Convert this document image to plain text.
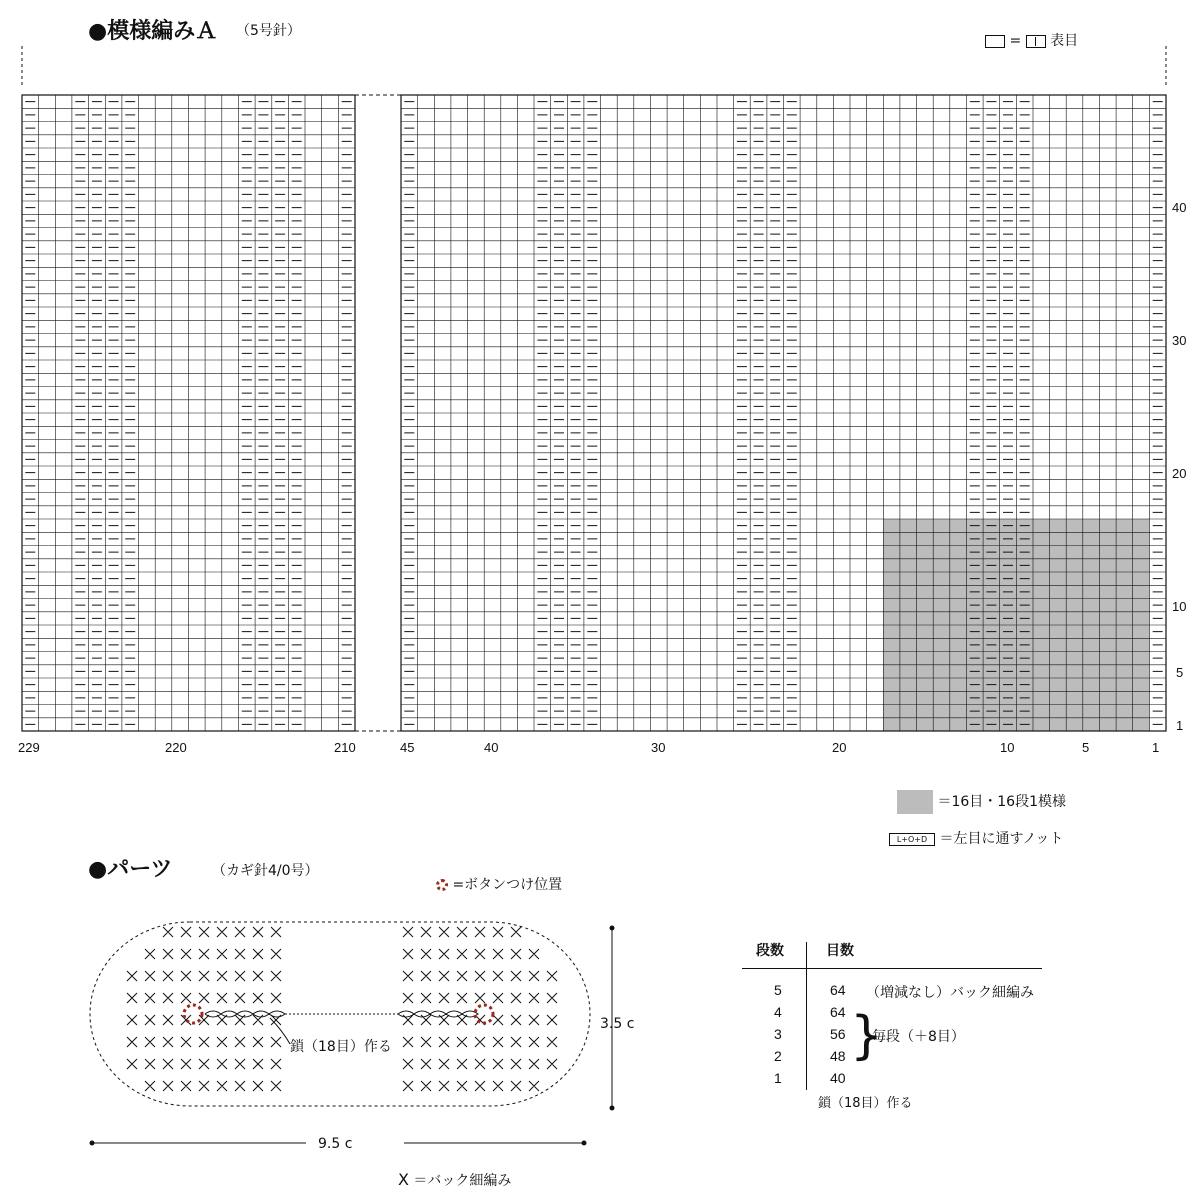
●模様編みＡ （5号針）
= 表目
40
30
20
10
5
1
229	220	210	45	40	30	20	10	5	1
＝16目・16段1模様
L+O+D ＝左目に通すノット
●パーツ	（カギ針4/0号）
=ボタンつけ位置
鎖（18目）作る
3.5 c
9.5 c
X ＝バック細編み
段数	目数
5	64
4	64
3	56
2	48
1	40
（増減なし）バック細編み
}
毎段（＋8目）
鎖（18目）作る
